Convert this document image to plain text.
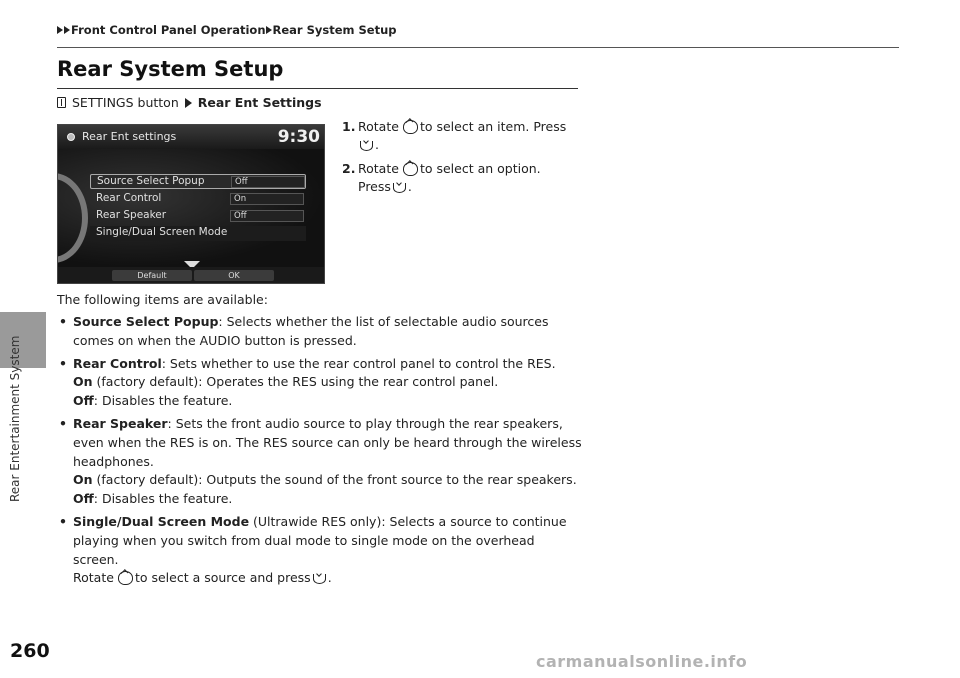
Rear Entertainment System
Front Control Panel Operation Rear System Setup
Rear System Setup
SETTINGS button Rear Ent Settings
Rear Ent settings	9:30
Source Select Popup	Off
Rear Control	On
Rear Speaker	Off
Single/Dual Screen Mode
Default	OK
1. Rotate to select an item. Press
.
2. Rotate to select an option.
Press .
The following items are available:
• Source Select Popup: Selects whether the list of selectable audio sources comes on when the AUDIO button is pressed.
• Rear Control: Sets whether to use the rear control panel to control the RES.
On (factory default): Operates the RES using the rear control panel.
Off: Disables the feature.
• Rear Speaker: Sets the front audio source to play through the rear speakers, even when the RES is on. The RES source can only be heard through the wireless headphones.
On (factory default): Outputs the sound of the front source to the rear speakers.
Off: Disables the feature.
• Single/Dual Screen Mode (Ultrawide RES only): Selects a source to continue playing when you switch from dual mode to single mode on the overhead screen.
Rotate to select a source and press .
260	carmanualsonline.info
